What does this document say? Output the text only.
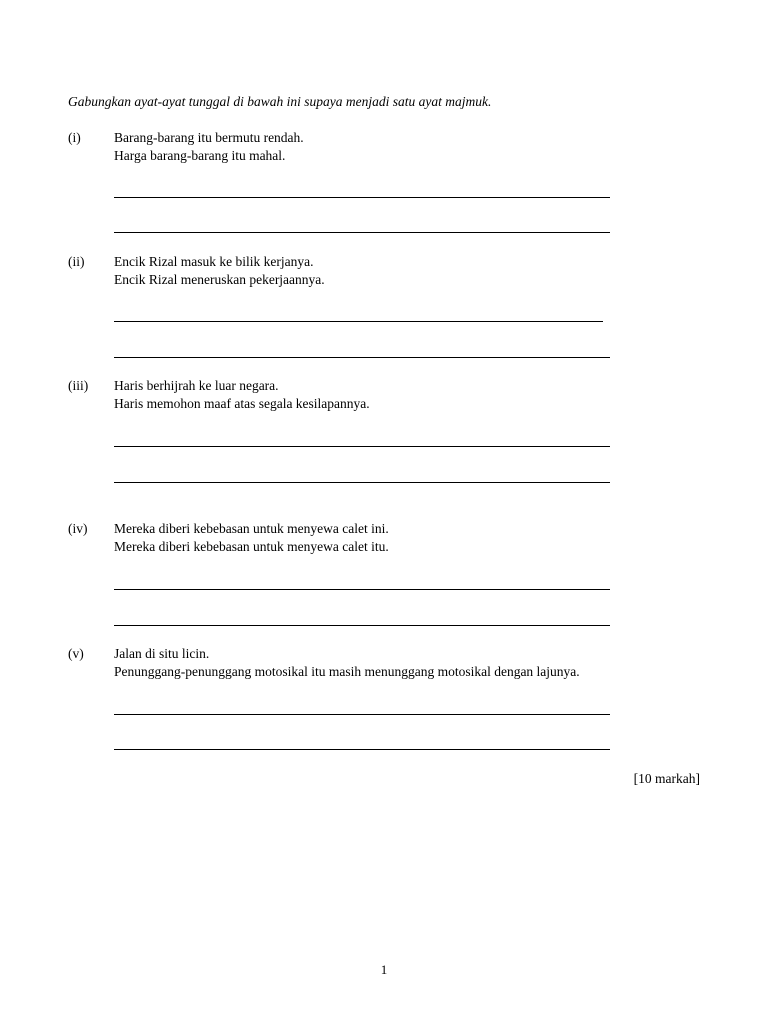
Gabungkan ayat-ayat tunggal di bawah ini supaya menjadi satu ayat majmuk.
(i) Barang-barang itu bermutu rendah.
Harga barang-barang itu mahal.
(ii) Encik Rizal masuk ke bilik kerjanya.
Encik Rizal meneruskan pekerjaannya.
(iii) Haris berhijrah ke luar negara.
Haris memohon maaf atas segala kesilapannya.
(iv) Mereka diberi kebebasan untuk menyewa calet ini.
Mereka diberi kebebasan untuk menyewa calet itu.
(v) Jalan di situ licin.
Penunggang-penunggang motosikal itu masih menunggang motosikal dengan lajunya.
[10 markah]
1
